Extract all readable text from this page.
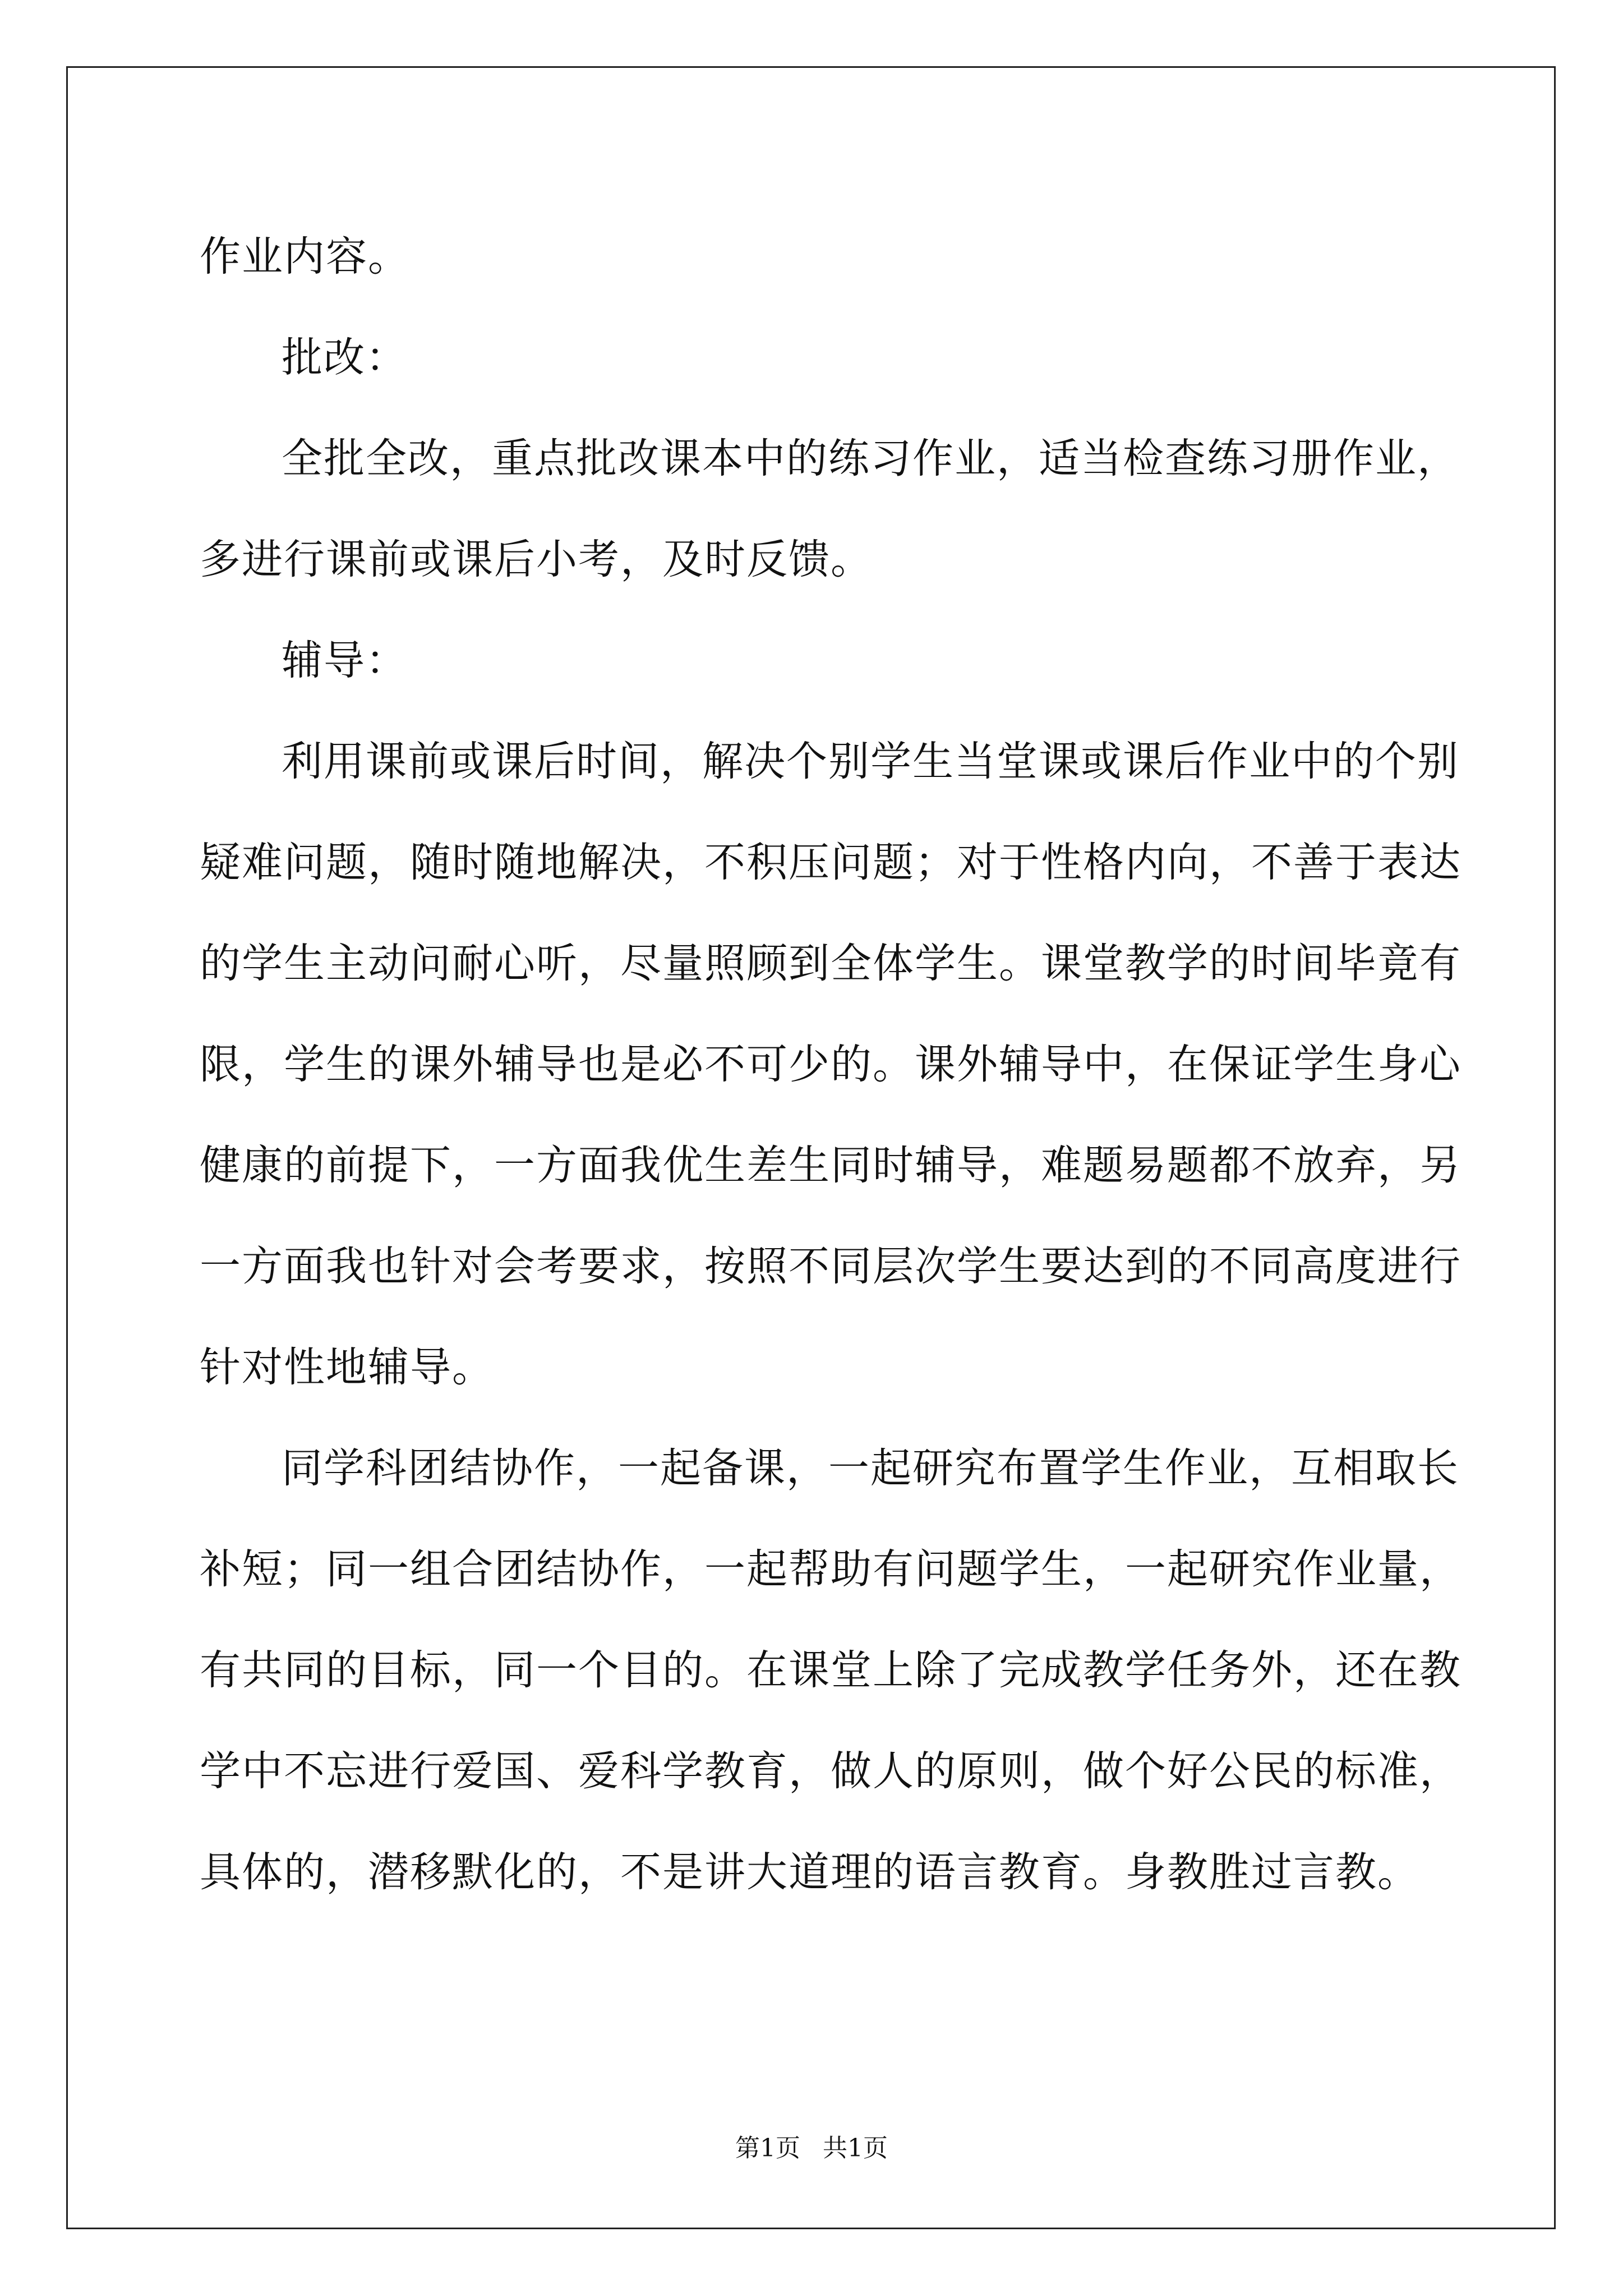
作业内容。
批改：
全批全改，重点批改课本中的练习作业，适当检查练习册作业，
多进行课前或课后小考，及时反馈。
辅导：
利用课前或课后时间，解决个别学生当堂课或课后作业中的个别
疑难问题，随时随地解决，不积压问题；对于性格内向，不善于表达
的学生主动问耐心听，尽量照顾到全体学生。课堂教学的时间毕竟有
限，学生的课外辅导也是必不可少的。课外辅导中，在保证学生身心
健康的前提下，一方面我优生差生同时辅导，难题易题都不放弃，另
一方面我也针对会考要求，按照不同层次学生要达到的不同高度进行
针对性地辅导。
同学科团结协作，一起备课，一起研究布置学生作业，互相取长
补短；同一组合团结协作，一起帮助有问题学生，一起研究作业量，
有共同的目标，同一个目的。在课堂上除了完成教学任务外，还在教
学中不忘进行爱国、爱科学教育，做人的原则，做个好公民的标准，
具体的，潜移默化的，不是讲大道理的语言教育。身教胜过言教。
第1页 共1页
